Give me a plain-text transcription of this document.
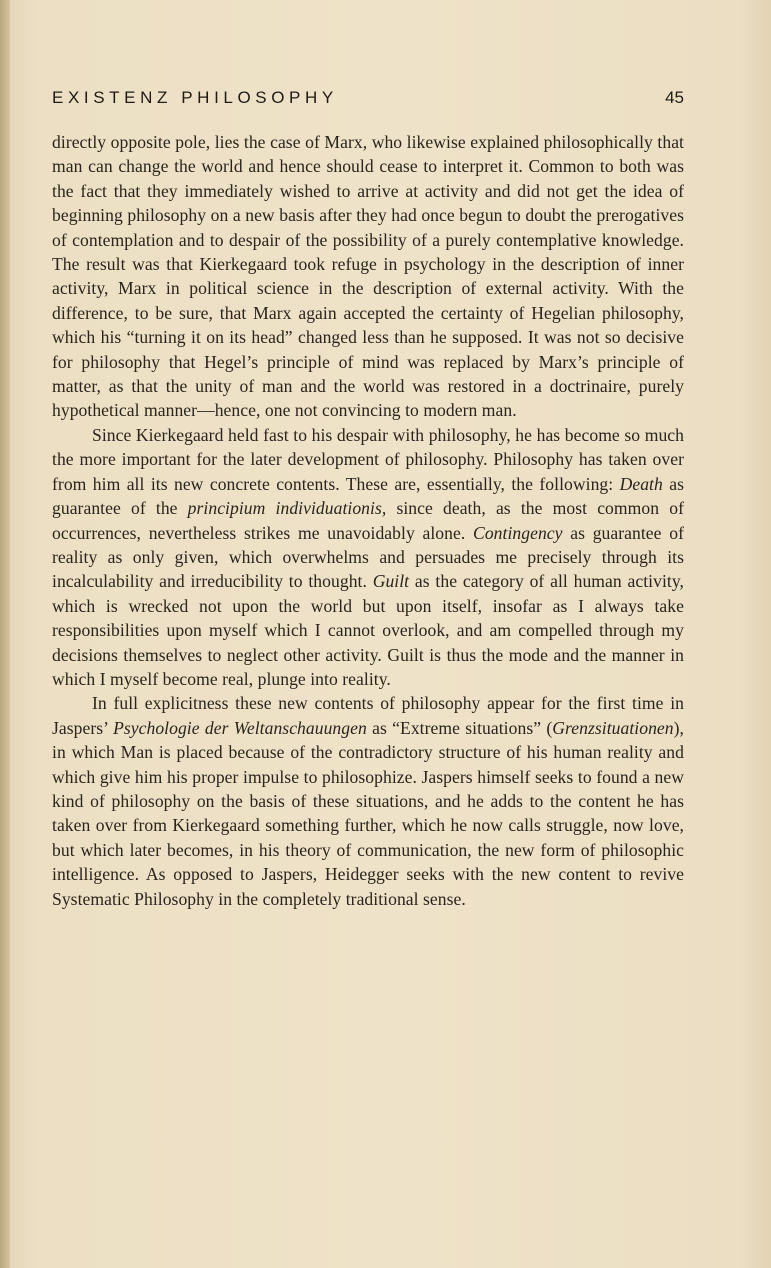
EXISTENZ PHILOSOPHY	45

directly opposite pole, lies the case of Marx, who likewise explained philosophically that man can change the world and hence should cease to interpret it. Common to both was the fact that they immediately wished to arrive at activity and did not get the idea of beginning philosophy on a new basis after they had once begun to doubt the prerogatives of contemplation and to despair of the possibility of a purely contemplative knowledge. The result was that Kierkegaard took refuge in psychology in the description of inner activity, Marx in political science in the description of external activity. With the difference, to be sure, that Marx again accepted the certainty of Hegelian philosophy, which his “turning it on its head” changed less than he supposed. It was not so decisive for philosophy that Hegel’s principle of mind was replaced by Marx’s principle of matter, as that the unity of man and the world was restored in a doctrinaire, purely hypothetical manner—hence, one not convincing to modern man.

Since Kierkegaard held fast to his despair with philosophy, he has become so much the more important for the later development of philosophy. Philosophy has taken over from him all its new concrete contents. These are, essentially, the following: Death as guarantee of the principium individuationis, since death, as the most common of occurrences, nevertheless strikes me unavoidably alone. Contingency as guarantee of reality as only given, which overwhelms and persuades me precisely through its incalculability and irreducibility to thought. Guilt as the category of all human activity, which is wrecked not upon the world but upon itself, insofar as I always take responsibilities upon myself which I cannot overlook, and am compelled through my decisions themselves to neglect other activity. Guilt is thus the mode and the manner in which I myself become real, plunge into reality.

In full explicitness these new contents of philosophy appear for the first time in Jaspers’ Psychologie der Weltanschauungen as “Extreme situations” (Grenzsituationen), in which Man is placed because of the contradictory structure of his human reality and which give him his proper impulse to philosophize. Jaspers himself seeks to found a new kind of philosophy on the basis of these situations, and he adds to the content he has taken over from Kierkegaard something further, which he now calls struggle, now love, but which later becomes, in his theory of communication, the new form of philosophic intelligence. As opposed to Jaspers, Heidegger seeks with the new content to revive Systematic Philosophy in the completely traditional sense.
